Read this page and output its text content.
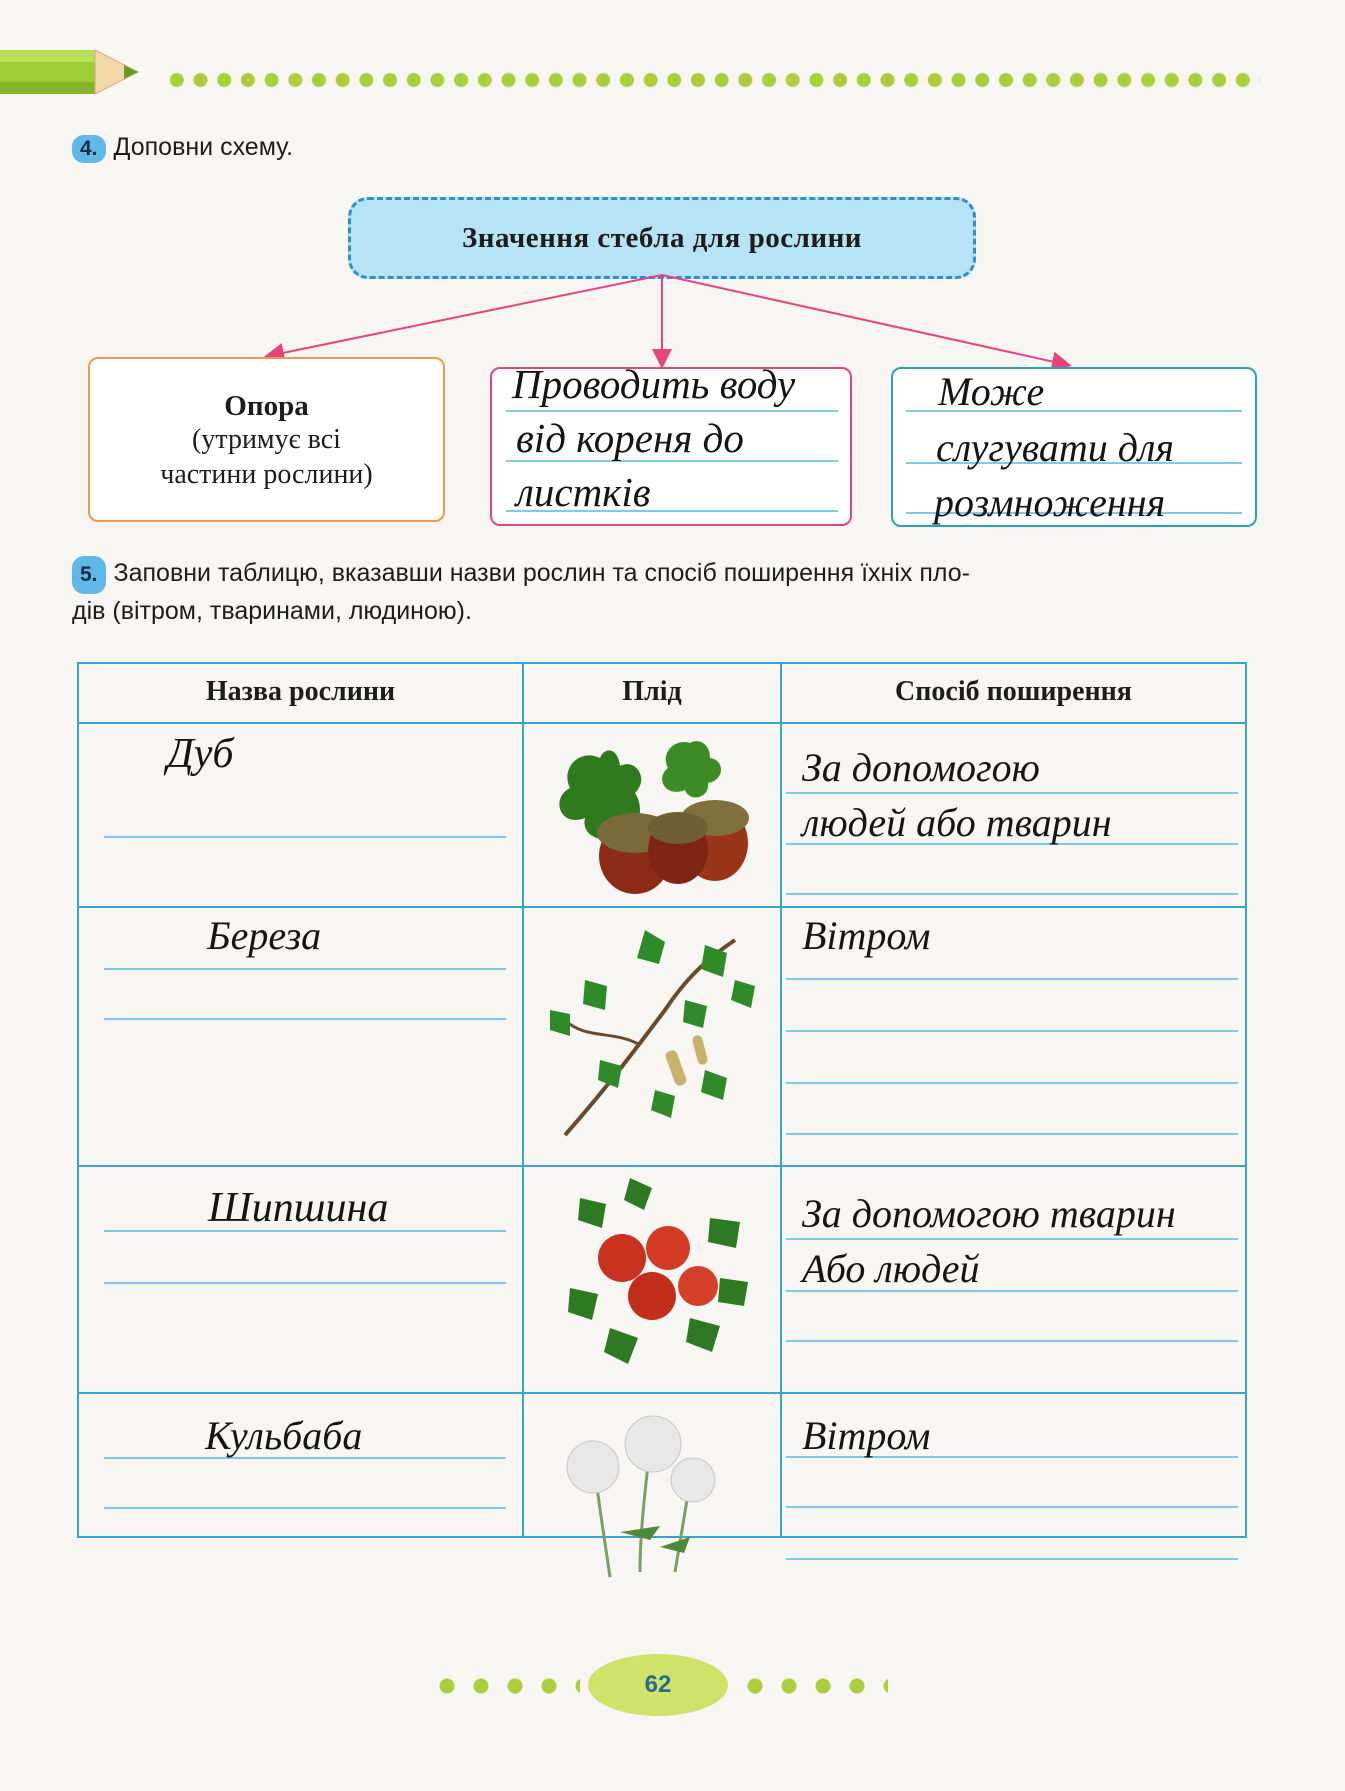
4. Доповни схему.
Значення стебла для рослини
Опора
(утримує всі
частини рослини)
Проводить воду
від кореня до
листків
Може
слугувати для
розмноження
5. Заповни таблицю, вказавши назви рослин та спосіб поширення їхніх пло-
дів (вітром, тваринами, людиною).
Назва рослини	Плід	Спосіб поширення
Дуб	За допомогою
людей або тварин
Береза	Вітром
Шипшина	За допомогою тварин
Або людей
Кульбаба	Вітром
62
